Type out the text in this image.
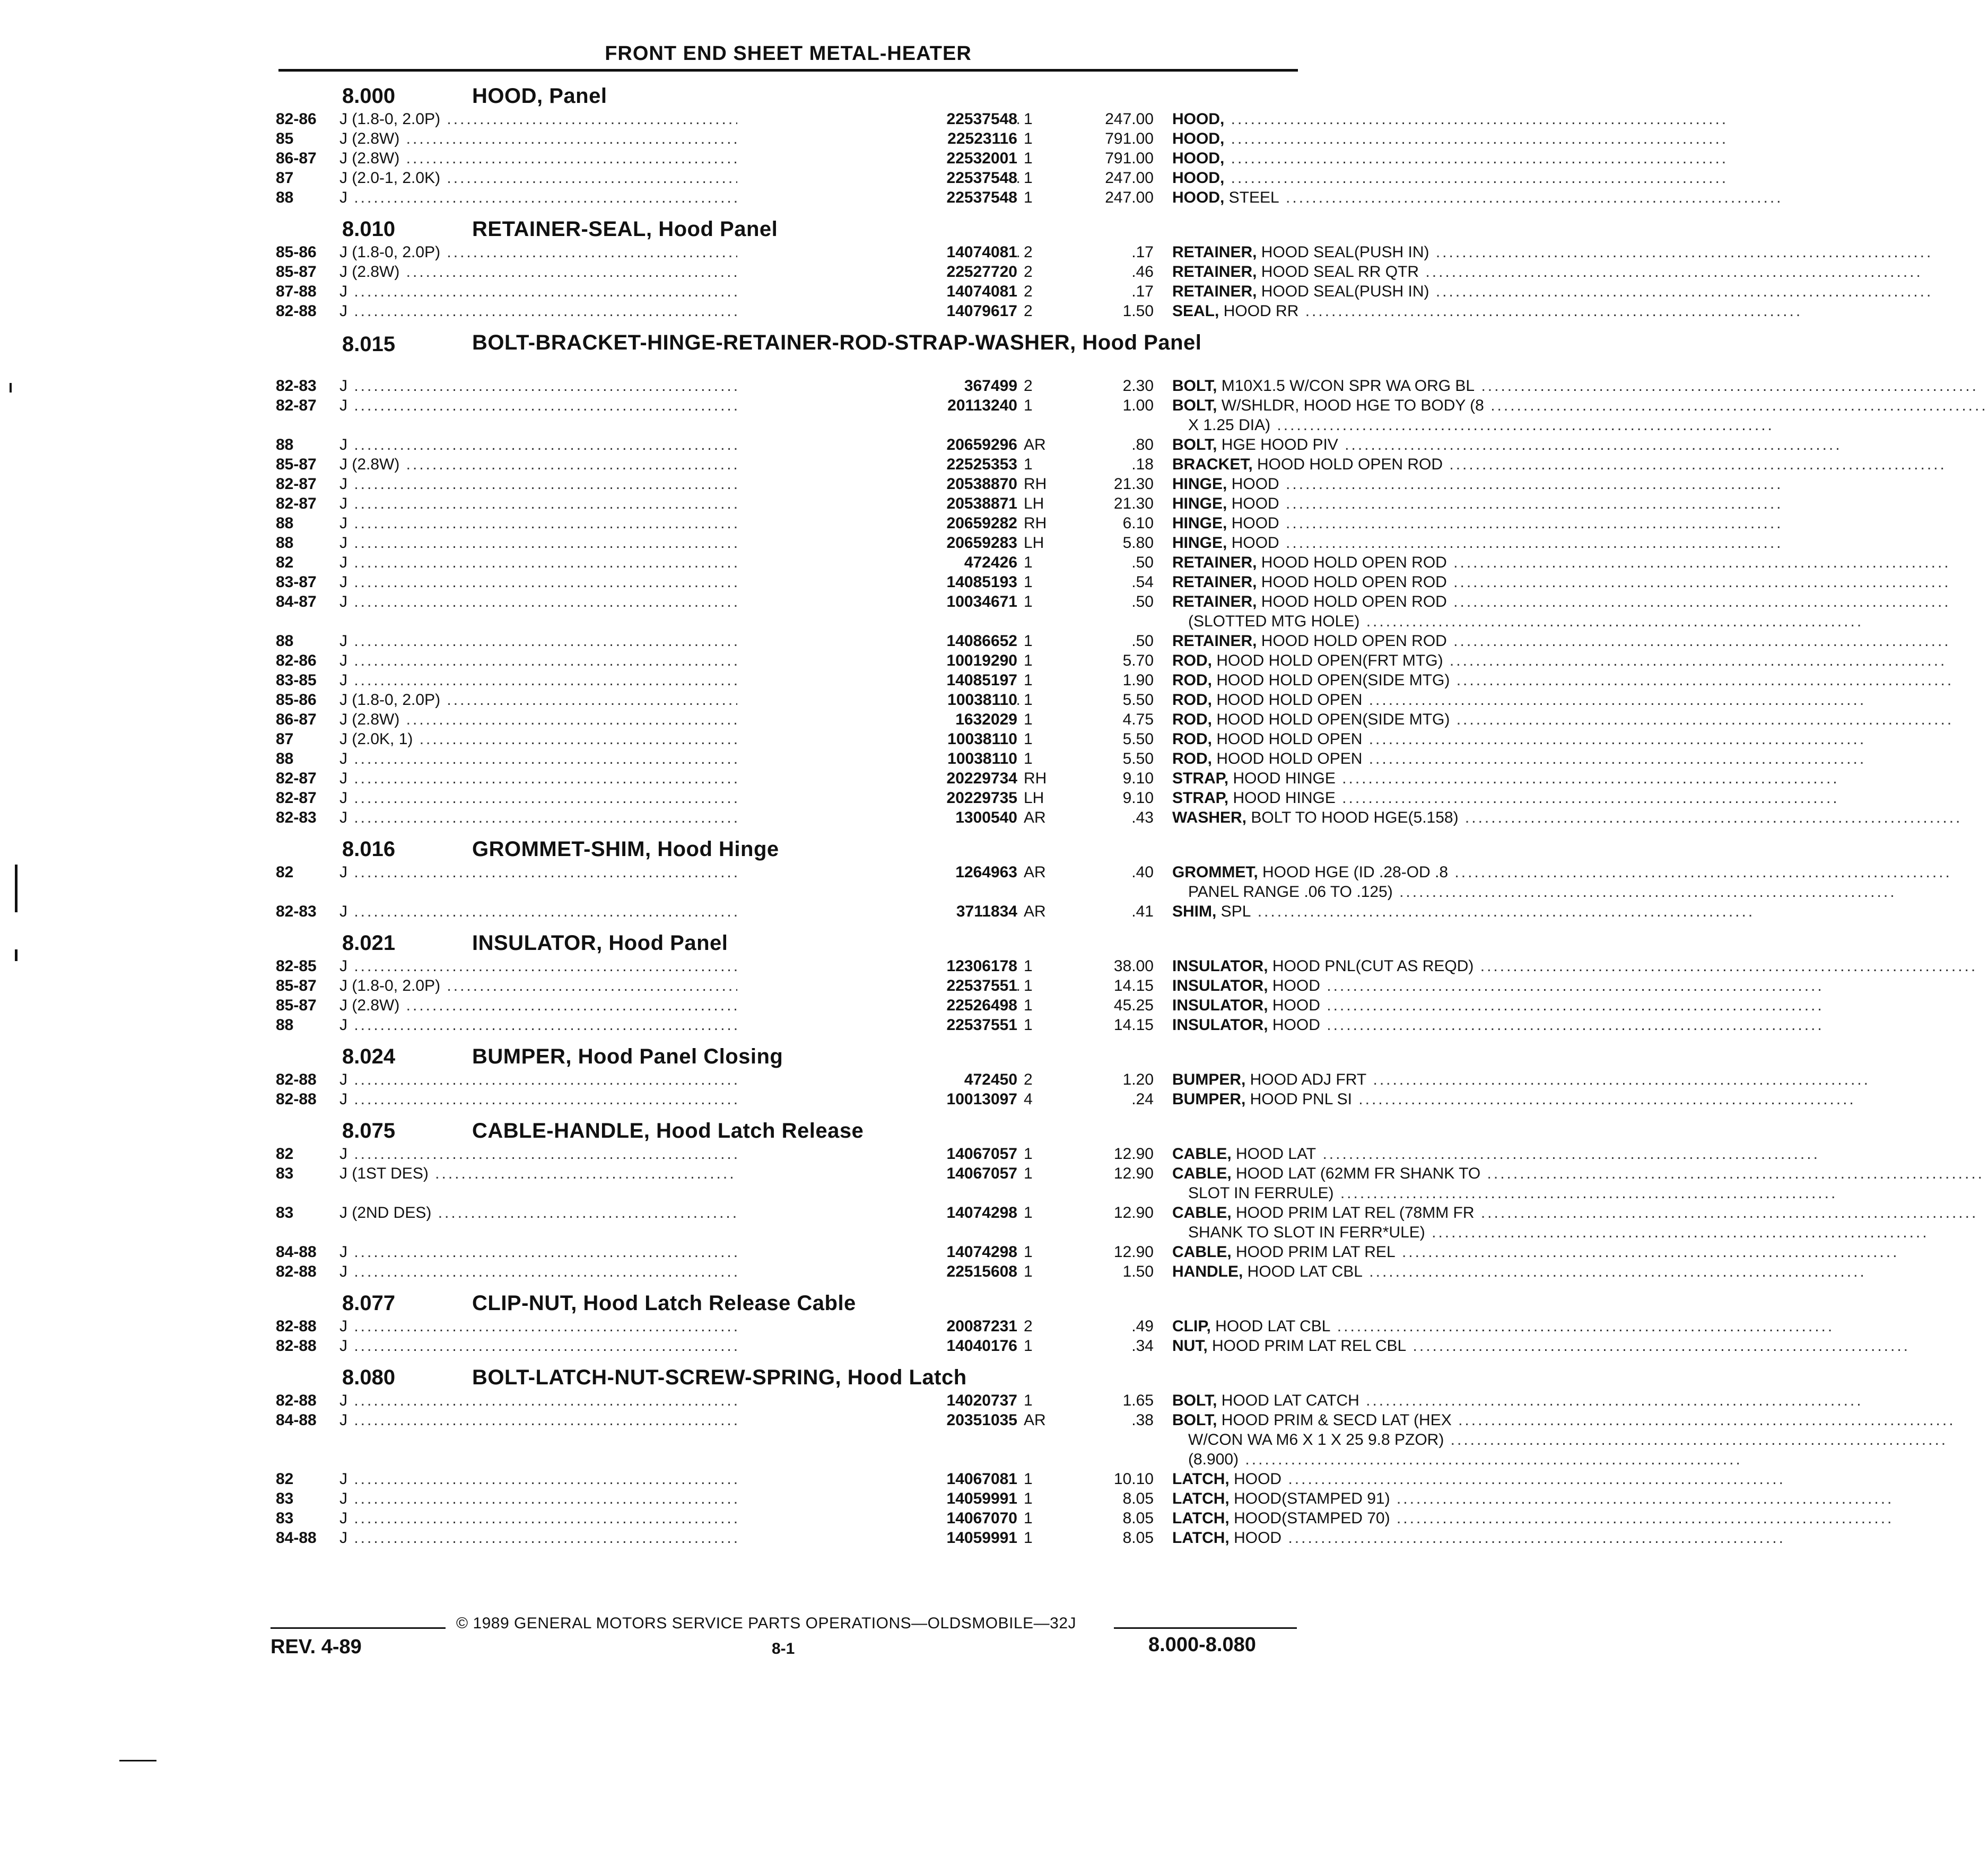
FRONT END SHEET METAL-HEATER
8.000	HOOD, Panel
82-86 J (1.8-0, 2.0P) .....	22537548 1	247.00 HOOD, .....
85	J (2.8W) .....	22523116 1	791.00 HOOD, .....
86-87 J (2.8W) .....	22532001 1	791.00 HOOD, .....
87	J (2.0-1, 2.0K) .....	22537548 1	247.00 HOOD, .....
88	J .....	22537548 1	247.00 HOOD, STEEL .....
8.010	RETAINER-SEAL, Hood Panel
85-86 J (1.8-0, 2.0P) .....	14074081 2	.17 RETAINER, HOOD SEAL(PUSH IN) .....
85-87 J (2.8W) .....	22527720 2	.46 RETAINER, HOOD SEAL RR QTR .....
87-88 J .....	14074081 2	.17 RETAINER, HOOD SEAL(PUSH IN) .....
82-88 J .....	14079617 2	1.50 SEAL, HOOD RR .....
8.015	BOLT-BRACKET-HINGE-RETAINER-ROD-STRAP-WASHER, Hood Panel
82-83 J .....	367499 2	2.30 BOLT, M10X1.5 W/CON SPR WA ORG BL .....
82-87 J .....	20113240 1	1.00 BOLT, W/SHLDR, HOOD HGE TO BODY (8 .....
X 1.25 DIA) .....
88	J .....	20659296 AR	.80 BOLT, HGE HOOD PIV .....
85-87 J (2.8W) .....	22525353 1	.18 BRACKET, HOOD HOLD OPEN ROD .....
82-87 J .....	20538870 RH	21.30 HINGE, HOOD .....
82-87 J .....	20538871 LH	21.30 HINGE, HOOD .....
88	J .....	20659282 RH	6.10 HINGE, HOOD .....
88	J .....	20659283 LH	5.80 HINGE, HOOD .....
82	J .....	472426 1	.50 RETAINER, HOOD HOLD OPEN ROD .....
83-87 J .....	14085193 1	.54 RETAINER, HOOD HOLD OPEN ROD .....
84-87 J .....	10034671 1	.50 RETAINER, HOOD HOLD OPEN ROD .....
(SLOTTED MTG HOLE) .....
88	J .....	14086652 1	.50 RETAINER, HOOD HOLD OPEN ROD .....
82-86 J .....	10019290 1	5.70 ROD, HOOD HOLD OPEN(FRT MTG) .....
83-85 J .....	14085197 1	1.90 ROD, HOOD HOLD OPEN(SIDE MTG) .....
85-86 J (1.8-0, 2.0P) .....	10038110 1	5.50 ROD, HOOD HOLD OPEN .....
86-87 J (2.8W) .....	1632029 1	4.75 ROD, HOOD HOLD OPEN(SIDE MTG) .....
87	J (2.0K, 1) .....	10038110 1	5.50 ROD, HOOD HOLD OPEN .....
88	J .....	10038110 1	5.50 ROD, HOOD HOLD OPEN .....
82-87 J .....	20229734 RH	9.10 STRAP, HOOD HINGE .....
82-87 J .....	20229735 LH	9.10 STRAP, HOOD HINGE .....
82-83 J .....	1300540 AR	.43 WASHER, BOLT TO HOOD HGE(5.158) .....
8.016	GROMMET-SHIM, Hood Hinge
82	J .....	1264963 AR	.40 GROMMET, HOOD HGE (ID .28-OD .8 .....
PANEL RANGE .06 TO .125) .....
82-83 J .....	3711834 AR	.41 SHIM, SPL .....
8.021	INSULATOR, Hood Panel
82-85 J .....	12306178 1	38.00 INSULATOR, HOOD PNL(CUT AS REQD) .....
85-87 J (1.8-0, 2.0P) .....	22537551 1	14.15 INSULATOR, HOOD .....
85-87 J (2.8W) .....	22526498 1	45.25 INSULATOR, HOOD .....
88	J .....	22537551 1	14.15 INSULATOR, HOOD .....
8.024	BUMPER, Hood Panel Closing
82-88 J .....	472450 2	1.20 BUMPER, HOOD ADJ FRT .....
82-88 J .....	10013097 4	.24 BUMPER, HOOD PNL SI .....
8.075	CABLE-HANDLE, Hood Latch Release
82	J .....	14067057 1	12.90 CABLE, HOOD LAT .....
83	J (1ST DES) .....	14067057 1	12.90 CABLE, HOOD LAT (62MM FR SHANK TO .....
SLOT IN FERRULE) .....
83	J (2ND DES) .....	14074298 1	12.90 CABLE, HOOD PRIM LAT REL (78MM FR .....
SHANK TO SLOT IN FERR*ULE) .....
84-88 J .....	14074298 1	12.90 CABLE, HOOD PRIM LAT REL .....
82-88 J .....	22515608 1	1.50 HANDLE, HOOD LAT CBL .....
8.077	CLIP-NUT, Hood Latch Release Cable
82-88 J .....	20087231 2	.49 CLIP, HOOD LAT CBL .....
82-88 J .....	14040176 1	.34 NUT, HOOD PRIM LAT REL CBL .....
8.080	BOLT-LATCH-NUT-SCREW-SPRING, Hood Latch
82-88 J .....	14020737 1	1.65 BOLT, HOOD LAT CATCH .....
84-88 J .....	20351035 AR	.38 BOLT, HOOD PRIM & SECD LAT (HEX .....
W/CON WA M6 X 1 X 25 9.8 PZOR) .....
(8.900) .....
82	J .....	14067081 1	10.10 LATCH, HOOD .....
83	J .....	14059991 1	8.05 LATCH, HOOD(STAMPED 91) .....
83	J .....	14067070 1	8.05 LATCH, HOOD(STAMPED 70) .....
84-88 J .....	14059991 1	8.05 LATCH, HOOD .....
© 1989 GENERAL MOTORS SERVICE PARTS OPERATIONS—OLDSMOBILE—32J
REV. 4-89	8-1	8.000-8.080
